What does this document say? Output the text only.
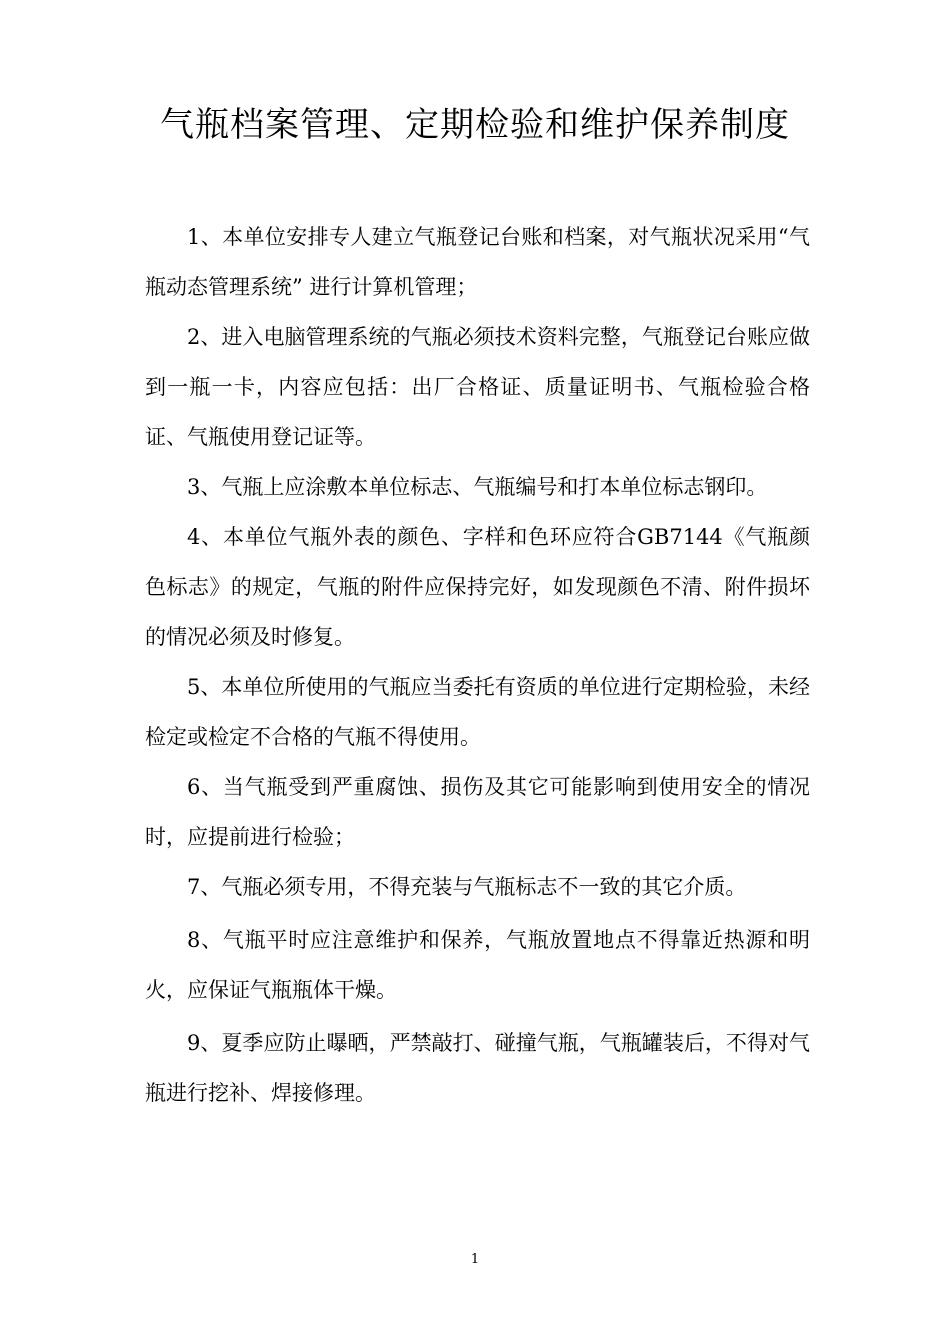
气瓶档案管理、定期检验和维护保养制度

1、本单位安排专人建立气瓶登记台账和档案，对气瓶状况采用“气瓶动态管理系统” 进行计算机管理；

2、进入电脑管理系统的气瓶必须技术资料完整，气瓶登记台账应做到一瓶一卡，内容应包括：出厂合格证、质量证明书、气瓶检验合格证、气瓶使用登记证等。

3、气瓶上应涂敷本单位标志、气瓶编号和打本单位标志钢印。

4、本单位气瓶外表的颜色、字样和色环应符合GB7144《气瓶颜色标志》的规定，气瓶的附件应保持完好，如发现颜色不清、附件损坏的情况必须及时修复。

5、本单位所使用的气瓶应当委托有资质的单位进行定期检验，未经检定或检定不合格的气瓶不得使用。

6、当气瓶受到严重腐蚀、损伤及其它可能影响到使用安全的情况时，应提前进行检验；

7、气瓶必须专用，不得充装与气瓶标志不一致的其它介质。

8、气瓶平时应注意维护和保养，气瓶放置地点不得靠近热源和明火，应保证气瓶瓶体干燥。

9、夏季应防止曝晒，严禁敲打、碰撞气瓶，气瓶罐装后，不得对气瓶进行挖补、焊接修理。

1
